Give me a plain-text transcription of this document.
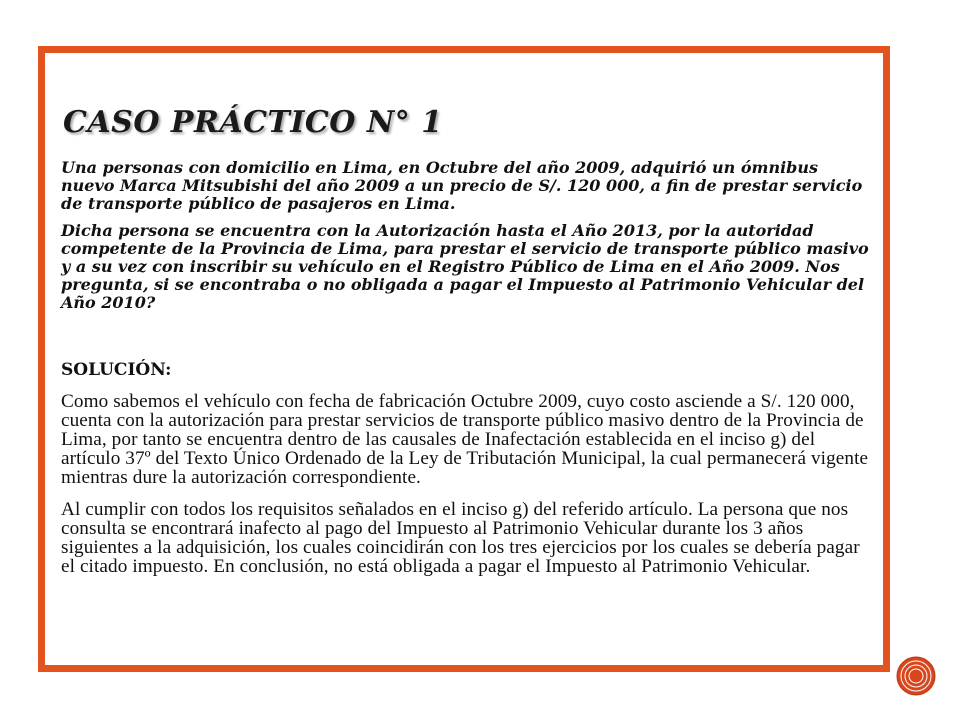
CASO PRÁCTICO N° 1

Una personas con domicilio en Lima, en Octubre del año 2009, adquirió un ómnibus nuevo Marca Mitsubishi del año 2009 a un precio de S/. 120 000, a fin de prestar servicio de transporte público de pasajeros en Lima.

Dicha persona se encuentra con la Autorización hasta el Año 2013, por la autoridad competente de la Provincia de Lima, para prestar el servicio de transporte público masivo y a su vez con inscribir su vehículo en el Registro Público de Lima en el Año 2009. Nos pregunta, si se encontraba o no obligada a pagar el Impuesto al Patrimonio Vehicular del Año 2010?

SOLUCIÓN:

Como sabemos el vehículo con fecha de fabricación Octubre 2009, cuyo costo asciende a S/. 120 000, cuenta con la autorización para prestar servicios de transporte público masivo dentro de la Provincia de Lima, por tanto se encuentra dentro de las causales de Inafectación establecida en el inciso g) del artículo 37º del Texto Único Ordenado de la Ley de Tributación Municipal, la cual permanecerá vigente mientras dure la autorización correspondiente.

Al cumplir con todos los requisitos señalados en el inciso g) del referido artículo. La persona que nos consulta se encontrará inafecto al pago del Impuesto al Patrimonio Vehicular durante los 3 años siguientes a la adquisición, los cuales coincidirán con los tres ejercicios por los cuales se debería pagar el citado impuesto. En conclusión, no está obligada a pagar el Impuesto al Patrimonio Vehicular.
